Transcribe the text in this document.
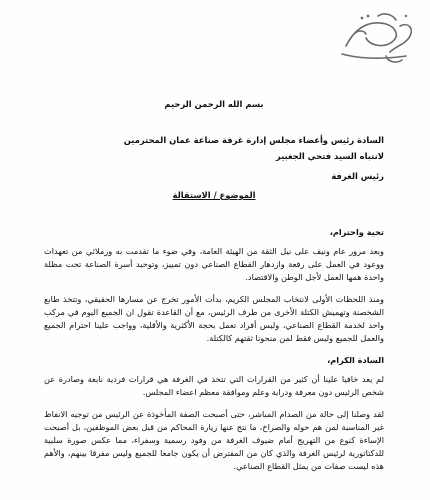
بسم الله الرحمن الرحيم

السادة رئيس وأعضاء مجلس إدارة غرفة صناعة عمان المحترمين

لانتباه السيد فتحي الجغبير

رئيس الغرفة

الموضوع / الاستقالة

تحية واحترام،

وبعد مرور عام ونيف على نيل الثقة من الهيئة العامة، وفي ضوء ما تقدمت به وزملائي من تعهدات ووعود في العمل على رفعة وازدهار القطاع الصناعي دون تمييز، وتوحيد أسرة الصناعة تحت مظلة واحدة همها العمل لأجل الوطن والاقتصاد.

ومنذ اللحظات الأولى لانتخاب المجلس الكريم، بدأت الأمور تخرج عن مسارها الحقيقي، وتتخذ طابع الشخصنة وتهميش الكتلة الأخرى من طرف الرئيس، مع أن القاعدة تقول ان الجميع اليوم في مركب واحد لخدمة القطاع الصناعي، وليس أفراد تعمل بحجة الأكثرية والأقلية، وواجب علينا احترام الجميع والعمل للجميع وليس فقط لمن منحونا ثقتهم كالكتلة.

السادة الكرام،

لم يعد خافيا علينا أن كثير من القرارات التي تتخذ في الغرفة هي قرارات فردية نابعة وصادرة عن شخص الرئيس دون معرفة ودراية وعلم وموافقة معظم اعضاء المجلس.

لقد وصلنا إلى حالة من الصدام المباشر، حتى أصبحت الصفة المأخوذة عن الرئيس من توجيه الانفاظ غير المناسبة لمن هم حوله والصراخ، ما نتج عنها زيارة المحاكم من قبل بعض الموظفين، بل أصبحت الإساءة كنوع من التهريج أمام ضيوف الغرفة من وفود رسمية وسفراء، مما عكس صورة سلبية للدكتاتورية لرئيس الغرفة والذي كان من المفترض أن يكون جامعا للجميع وليس مفرقا بينهم، والأهم هذه ليست صفات من يمثل القطاع الصناعي.
